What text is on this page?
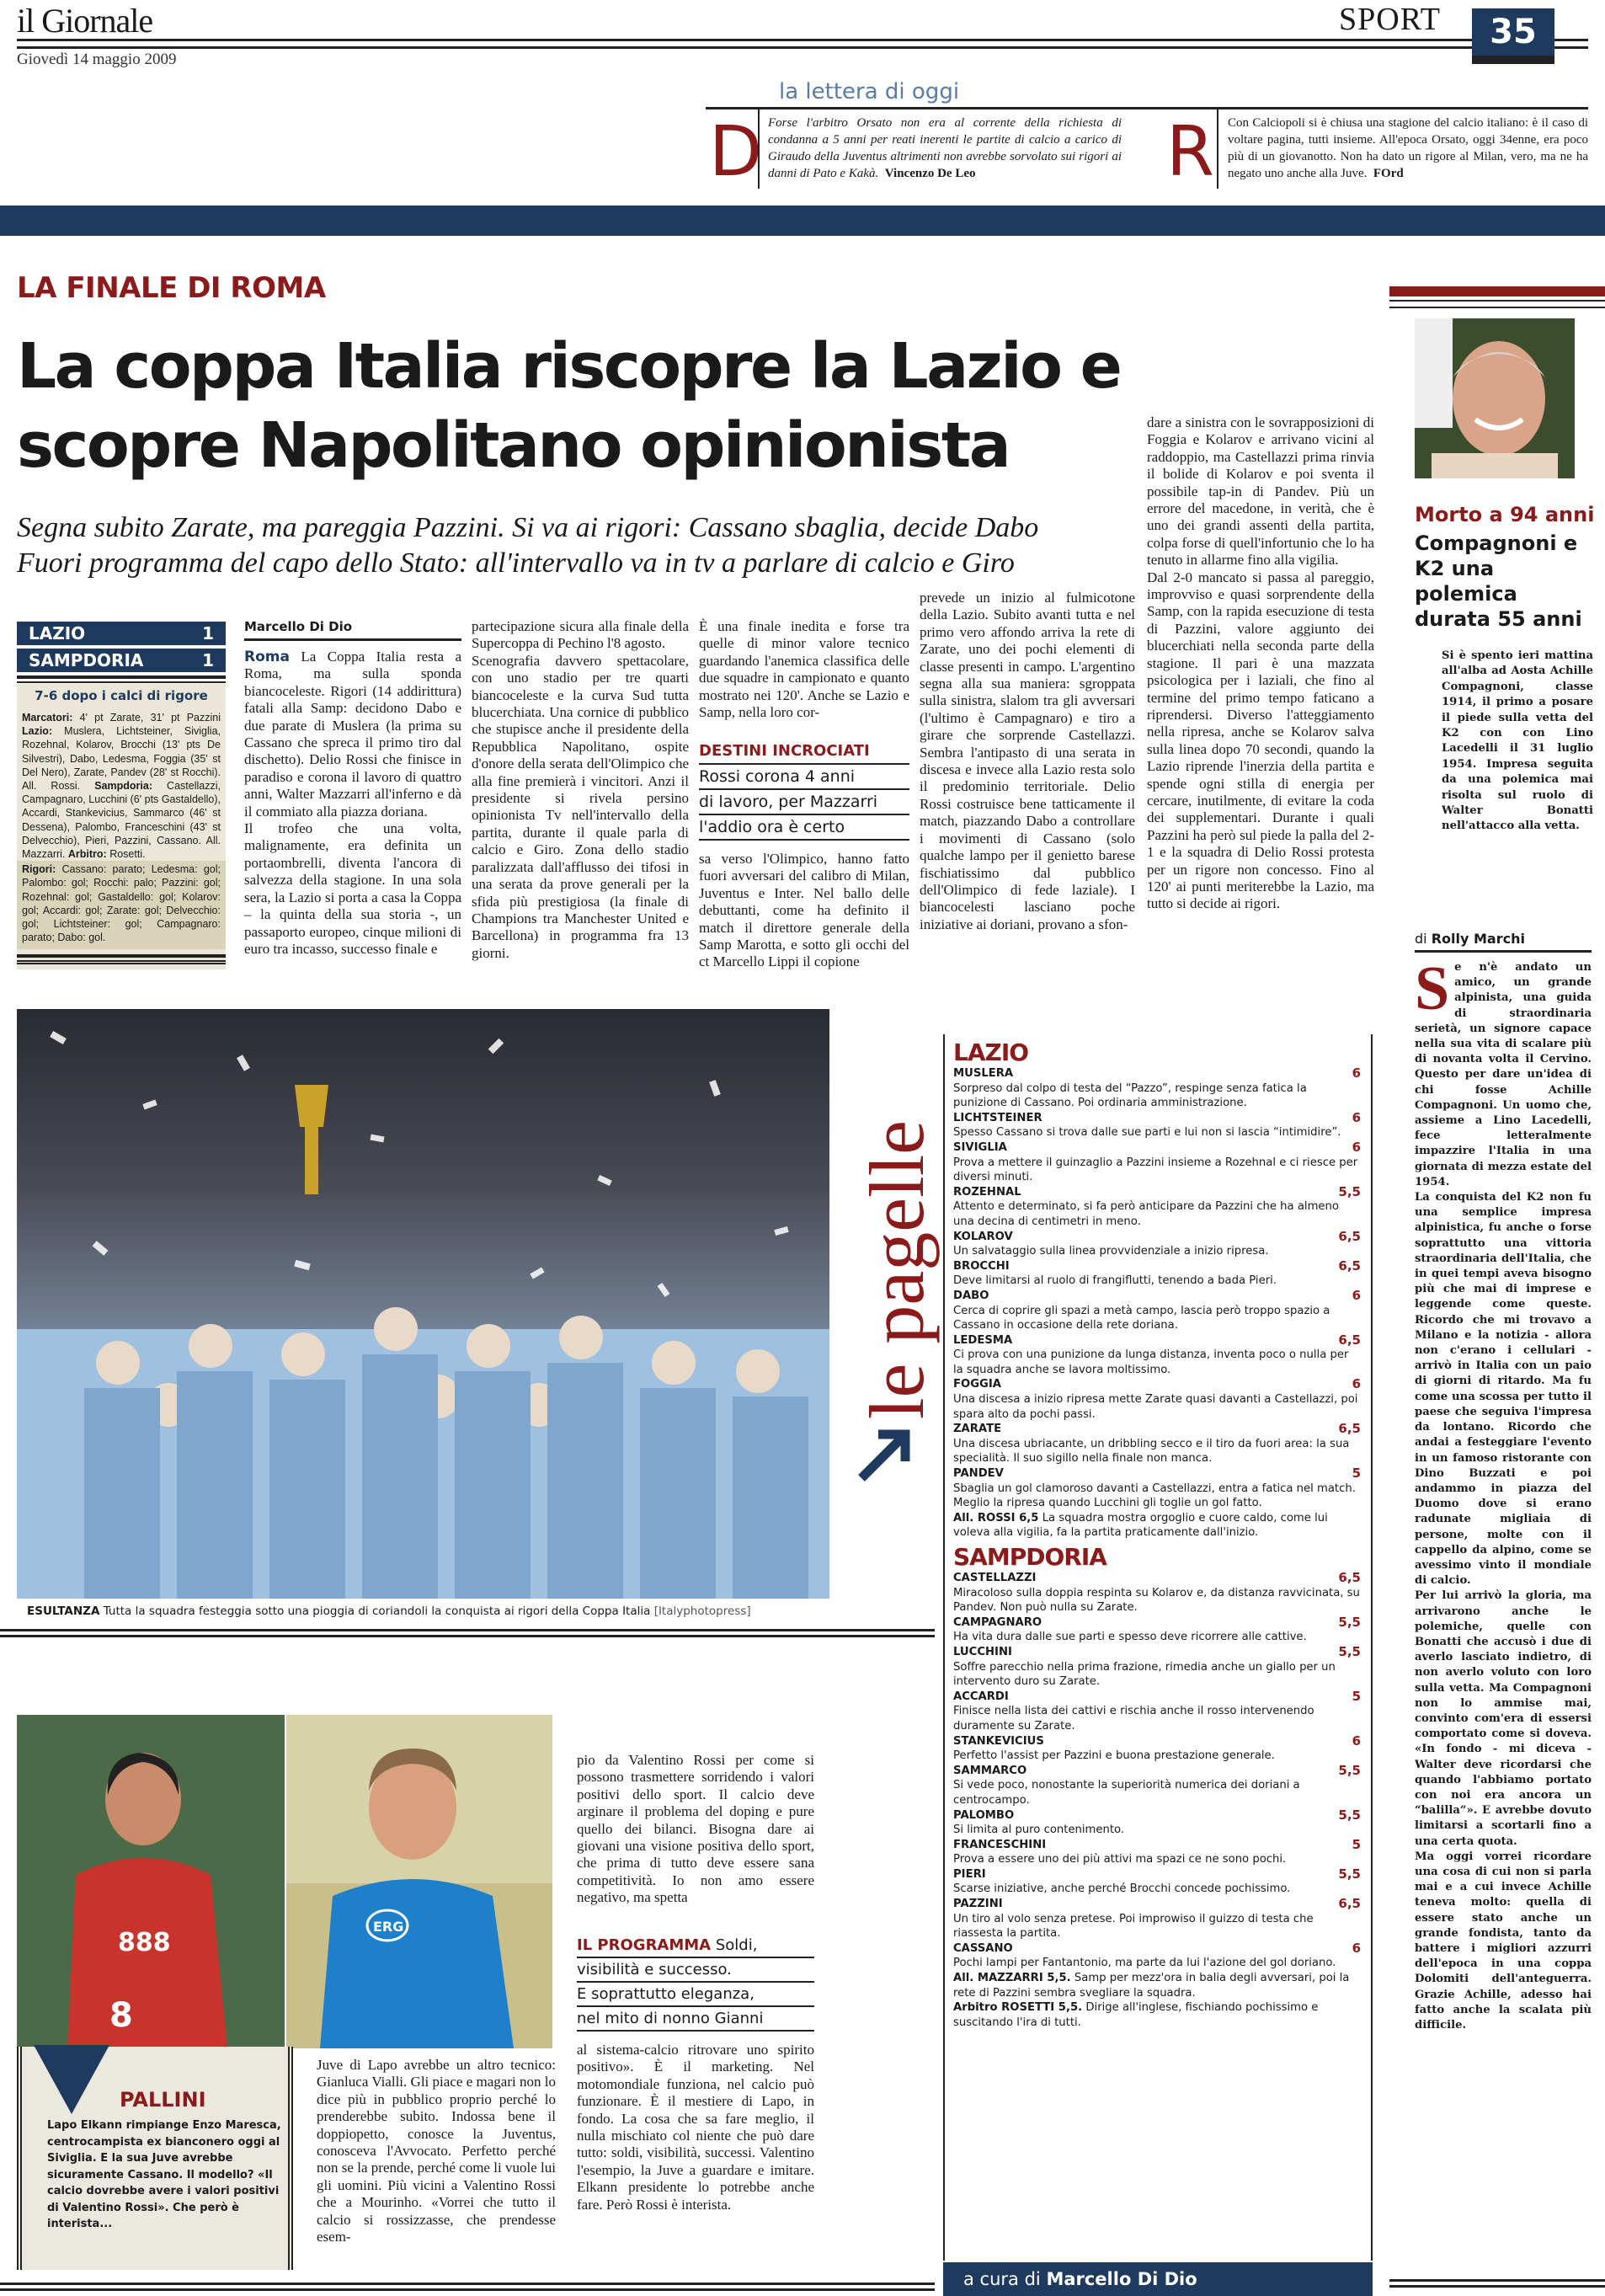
il Giornale
Giovedì 14 maggio 2009
SPORT	35
la lettera di oggi
D Forse l'arbitro Orsato non era al corrente della richiesta di condanna a 5 anni per reati inerenti le partite di calcio a carico di Giraudo della Juventus altrimenti non avrebbe sorvolato sui rigori ai danni di Pato e Kakà. Vincenzo De Leo	R Con Calciopoli si è chiusa una stagione del calcio italiano: è il caso di voltare pagina, tutti insieme. All'epoca Orsato, oggi 34enne, era poco più di un giovanotto. Non ha dato un rigore al Milan, vero, ma ne ha negato uno anche alla Juve. FOrd
LA FINALE DI ROMA
La coppa Italia riscopre la Lazio e scopre Napolitano opinionista
Segna subito Zarate, ma pareggia Pazzini. Si va ai rigori: Cassano sbaglia, decide Dabo
Fuori programma del capo dello Stato: all'intervallo va in tv a parlare di calcio e Giro
LAZIO	1
SAMPDORIA	1
7-6 dopo i calci di rigore
Marcatori: 4' pt Zarate, 31' pt Pazzini Lazio: Muslera, Lichtsteiner, Siviglia, Rozehnal, Kolarov, Brocchi (13' pts De Silvestri), Dabo, Ledesma, Foggia (35' st Del Nero), Zarate, Pandev (28' st Rocchi). All. Rossi. Sampdoria: Castellazzi, Campagnaro, Lucchini (6' pts Gastaldello), Accardi, Stankevicius, Sammarco (46' st Dessena), Palombo, Franceschini (43' st Delvecchio), Pieri, Pazzini, Cassano. All. Mazzarri. Arbitro: Rosetti.
Rigori: Cassano: parato; Ledesma: gol; Palombo: gol; Rocchi: palo; Pazzini: gol; Rozehnal: gol; Gastaldello: gol; Kolarov: gol; Accardi: gol; Zarate: gol; Delvecchio: gol; Lichtsteiner: gol; Campagnaro: parato; Dabo: gol.
Marcello Di Dio
Roma La Coppa Italia resta a Roma, ma sulla sponda biancoceleste. Rigori (14 addirittura) fatali alla Samp: decidono Dabo e due parate di Muslera (la prima su Cassano che spreca il primo tiro dal dischetto). Delio Rossi che finisce in paradiso e corona il lavoro di quattro anni, Walter Mazzarri all'inferno e dà il commiato alla piazza doriana.
Il trofeo che una volta, malignamente, era definita un portaombrelli, diventa l'ancora di salvezza della stagione. In una sola sera, la Lazio si porta a casa la Coppa – la quinta della sua storia -, un passaporto europeo, cinque milioni di euro tra incasso, successo finale e
partecipazione sicura alla finale della Supercoppa di Pechino l'8 agosto.
Scenografia davvero spettacolare, con uno stadio per tre quarti biancoceleste e la curva Sud tutta blucerchiata. Una cornice di pubblico che stupisce anche il presidente della Repubblica Napolitano, ospite d'onore della serata dell'Olimpico che alla fine premierà i vincitori. Anzi il presidente si rivela persino opinionista Tv nell'intervallo della partita, durante il quale parla di calcio e Giro. Zona dello stadio paralizzata dall'afflusso dei tifosi in una serata da prove generali per la sfida più prestigiosa (la finale di Champions tra Manchester United e Barcellona) in programma fra 13 giorni.
È una finale inedita e forse tra quelle di minor valore tecnico guardando l'anemica classifica delle due squadre in campionato e quanto mostrato nei 120'. Anche se Lazio e Samp, nella loro cor-
DESTINI INCROCIATI
Rossi corona 4 anni
di lavoro, per Mazzarri
l'addio ora è certo
sa verso l'Olimpico, hanno fatto fuori avversari del calibro di Milan, Juventus e Inter. Nel ballo delle debuttanti, come ha definito il match il direttore generale della Samp Marotta, e sotto gli occhi del ct Marcello Lippi il copione
prevede un inizio al fulmicotone della Lazio. Subito avanti tutta e nel primo vero affondo arriva la rete di Zarate, uno dei pochi elementi di classe presenti in campo. L'argentino segna alla sua maniera: sgroppata sulla sinistra, slalom tra gli avversari (l'ultimo è Campagnaro) e tiro a girare che sorprende Castellazzi. Sembra l'antipasto di una serata in discesa e invece alla Lazio resta solo il predominio territoriale. Delio Rossi costruisce bene tatticamente il match, piazzando Dabo a controllare i movimenti di Cassano (solo qualche lampo per il genietto barese fischiatissimo dal pubblico dell'Olimpico di fede laziale). I biancocelesti lasciano poche iniziative ai doriani, provano a sfon-
dare a sinistra con le sovrapposizioni di Foggia e Kolarov e arrivano vicini al raddoppio, ma Castellazzi prima rinvia il bolide di Kolarov e poi sventa il possibile tap-in di Pandev. Più un errore del macedone, in verità, che è uno dei grandi assenti della partita, colpa forse di quell'infortunio che lo ha tenuto in allarme fino alla vigilia.
Dal 2-0 mancato si passa al pareggio, improvviso e quasi sorprendente della Samp, con la rapida esecuzione di testa di Pazzini, valore aggiunto dei blucerchiati nella seconda parte della stagione. Il pari è una mazzata psicologica per i laziali, che fino al termine del primo tempo faticano a riprendersi. Diverso l'atteggiamento nella ripresa, anche se Kolarov salva sulla linea dopo 70 secondi, quando la Lazio riprende l'inerzia della partita e spende ogni stilla di energia per cercare, inutilmente, di evitare la coda dei supplementari. Durante i quali Pazzini ha però sul piede la palla del 2-1 e la squadra di Delio Rossi protesta per un rigore non concesso. Fino al 120' ai punti meriterebbe la Lazio, ma tutto si decide ai rigori.
ESULTANZA Tutta la squadra festeggia sotto una pioggia di coriandoli la conquista ai rigori della Coppa Italia [Italyphotopress]
le pagelle
LAZIO
MUSLERA	6
Sorpreso dal colpo di testa del “Pazzo”, respinge senza fatica la punizione di Cassano. Poi ordinaria amministrazione.
LICHTSTEINER	6
Spesso Cassano si trova dalle sue parti e lui non si lascia “intimidire”.
SIVIGLIA	6
Prova a mettere il guinzaglio a Pazzini insieme a Rozehnal e ci riesce per diversi minuti.
ROZEHNAL	5,5
Attento e determinato, si fa però anticipare da Pazzini che ha almeno una decina di centimetri in meno.
KOLAROV	6,5
Un salvataggio sulla linea provvidenziale a inizio ripresa.
BROCCHI	6,5
Deve limitarsi al ruolo di frangiflutti, tenendo a bada Pieri.
DABO	6
Cerca di coprire gli spazi a metà campo, lascia però troppo spazio a Cassano in occasione della rete doriana.
LEDESMA	6,5
Ci prova con una punizione da lunga distanza, inventa poco o nulla per la squadra anche se lavora moltissimo.
FOGGIA	6
Una discesa a inizio ripresa mette Zarate quasi davanti a Castellazzi, poi spara alto da pochi passi.
ZARATE	6,5
Una discesa ubriacante, un dribbling secco e il tiro da fuori area: la sua specialità. Il suo sigillo nella finale non manca.
PANDEV	5
Sbaglia un gol clamoroso davanti a Castellazzi, entra a fatica nel match. Meglio la ripresa quando Lucchini gli toglie un gol fatto.
All. ROSSI 6,5 La squadra mostra orgoglio e cuore caldo, come lui voleva alla vigilia, fa la partita praticamente dall'inizio.
SAMPDORIA
CASTELLAZZI	6,5
Miracoloso sulla doppia respinta su Kolarov e, da distanza ravvicinata, su Pandev. Non può nulla su Zarate.
CAMPAGNARO	5,5
Ha vita dura dalle sue parti e spesso deve ricorrere alle cattive.
LUCCHINI	5,5
Soffre parecchio nella prima frazione, rimedia anche un giallo per un intervento duro su Zarate.
ACCARDI	5
Finisce nella lista dei cattivi e rischia anche il rosso intervenendo duramente su Zarate.
STANKEVICIUS	6
Perfetto l'assist per Pazzini e buona prestazione generale.
SAMMARCO	5,5
Si vede poco, nonostante la superiorità numerica dei doriani a centrocampo.
PALOMBO	5,5
Si limita al puro contenimento.
FRANCESCHINI	5
Prova a essere uno dei più attivi ma spazi ce ne sono pochi.
PIERI	5,5
Scarse iniziative, anche perché Brocchi concede pochissimo.
PAZZINI	6,5
Un tiro al volo senza pretese. Poi improwiso il guizzo di testa che riassesta la partita.
CASSANO	6
Pochi lampi per Fantantonio, ma parte da lui l'azione del gol doriano.
All. MAZZARRI 5,5. Samp per mezz'ora in balia degli avversari, poi la rete di Pazzini sembra svegliare la squadra.
Arbitro ROSETTI 5,5. Dirige all'inglese, fischiando pochissimo e suscitando l'ira di tutti.
a cura di Marcello Di Dio
Morto a 94 anni
Compagnoni e K2 una polemica durata 55 anni
Si è spento ieri mattina all'alba ad Aosta Achille Compagnoni, classe 1914, il primo a posare il piede sulla vetta del K2 con con Lino Lacedelli il 31 luglio 1954. Impresa seguita da una polemica mai risolta sul ruolo di Walter Bonatti nell'attacco alla vetta.
di Rolly Marchi
Se n'è andato un amico, un grande alpinista, una guida di straordinaria serietà, un signore capace nella sua vita di scalare più di novanta volta il Cervino. Questo per dare un'idea di chi fosse Achille Compagnoni. Un uomo che, assieme a Lino Lacedelli, fece letteralmente impazzire l'Italia in una giornata di mezza estate del 1954.
La conquista del K2 non fu una semplice impresa alpinistica, fu anche o forse soprattutto una vittoria straordinaria dell'Italia, che in quei tempi aveva bisogno più che mai di imprese e leggende come queste. Ricordo che mi trovavo a Milano e la notizia - allora non c'erano i cellulari - arrivò in Italia con un paio di giorni di ritardo. Ma fu come una scossa per tutto il paese che seguiva l'impresa da lontano. Ricordo che andai a festeggiare l'evento in un famoso ristorante con Dino Buzzati e poi andammo in piazza del Duomo dove si erano radunate migliaia di persone, molte con il cappello da alpino, come se avessimo vinto il mondiale di calcio.
Per lui arrivò la gloria, ma arrivarono anche le polemiche, quelle con Bonatti che accusò i due di averlo lasciato indietro, di non averlo voluto con loro sulla vetta. Ma Compagnoni non lo ammise mai, convinto com'era di essersi comportato come si doveva. «In fondo - mi diceva - Walter deve ricordarsi che quando l'abbiamo portato con noi era ancora un “balilla”». E avrebbe dovuto limitarsi a scortarli fino a una certa quota.
Ma oggi vorrei ricordare una cosa di cui non si parla mai e a cui invece Achille teneva molto: quella di essere stato anche un grande fondista, tanto da battere i migliori azzurri dell'epoca in una coppa Dolomiti dell'anteguerra. Grazie Achille, adesso hai fatto anche la scalata più difficile.
888
8
ERG
PALLINI
Lapo Elkann rimpiange Enzo Maresca, centrocampista ex bianconero oggi al Siviglia. E la sua Juve avrebbe sicuramente Cassano. Il modello? «Il calcio dovrebbe avere i valori positivi di Valentino Rossi». Che però è interista...
Juve di Lapo avrebbe un altro tecnico: Gianluca Vialli. Gli piace e magari non lo dice più in pubblico proprio perché lo prenderebbe subito. Indossa bene il doppiopetto, conosce la Juventus, conosceva l'Avvocato. Perfetto perché non se la prende, perché come li vuole lui gli uomini. Più vicini a Valentino Rossi che a Mourinho. «Vorrei che tutto il calcio si rossizzasse, che prendesse esem-
pio da Valentino Rossi per come si possono trasmettere sorridendo i valori positivi dello sport. Il calcio deve arginare il problema del doping e pure quello dei bilanci. Bisogna dare ai giovani una visione positiva dello sport, che prima di tutto deve essere sana competitività. Io non amo essere negativo, ma spetta
IL PROGRAMMA Soldi,
visibilità e successo.
E soprattutto eleganza,
nel mito di nonno Gianni
al sistema-calcio ritrovare uno spirito positivo». È il marketing. Nel motomondiale funziona, nel calcio può funzionare. È il mestiere di Lapo, in fondo. La cosa che sa fare meglio, il nulla mischiato col niente che può dare tutto: soldi, visibilità, successi. Valentino l'esempio, la Juve a guardare e imitare. Elkann presidente lo potrebbe anche fare. Però Rossi è interista.
